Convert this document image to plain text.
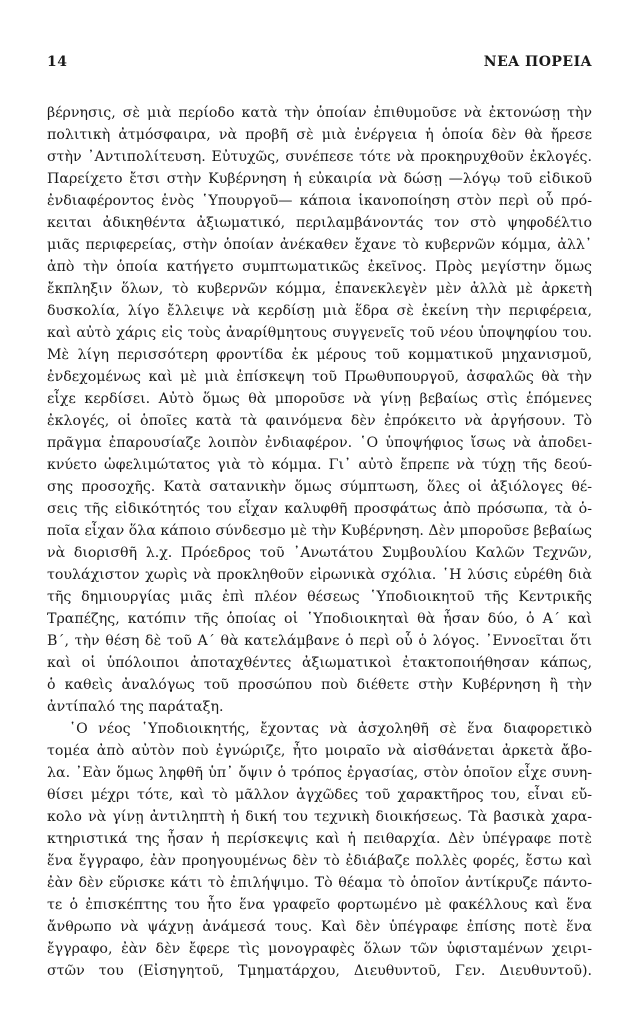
14	ΝΕΑ ΠΟΡΕΙΑ
βέρνησις, σὲ μιὰ περίοδο κατὰ τὴν ὁποίαν ἐπιθυμοῦσε νὰ ἐκτονώσῃ τὴν
πολιτικὴ ἀτμόσφαιρα, νὰ προβῆ σὲ μιὰ ἐνέργεια ἡ ὁποία δὲν θὰ ἤρεσε
στὴν ᾽Αντιπολίτευση. Εὐτυχῶς, συνέπεσε τότε νὰ προκηρυχθοῦν ἐκλογές.
Παρείχετο ἔτσι στὴν Κυβέρνηση ἡ εὐκαιρία νὰ δώσῃ —λόγῳ τοῦ εἰδικοῦ
ἐνδιαφέροντος ἑνὸς ῾Υπουργοῦ— κάποια ἱκανοποίηση στὸν περὶ οὗ πρό-
κειται ἀδικηθέντα ἀξιωματικό, περιλαμβάνοντάς τον στὸ ψηφοδέλτιο
μιᾶς περιφερείας, στὴν ὁποίαν ἀνέκαθεν ἔχανε τὸ κυβερνῶν κόμμα, ἀλλ᾽
ἀπὸ τὴν ὁποία κατήγετο συμπτωματικῶς ἐκεῖνος. Πρὸς μεγίστην ὅμως
ἔκπληξιν ὅλων, τὸ κυβερνῶν κόμμα, ἐπανεκλεγὲν μὲν ἀλλὰ μὲ ἀρκετὴ
δυσκολία, λίγο ἔλλειψε νὰ κερδίσῃ μιὰ ἕδρα σὲ ἐκείνη τὴν περιφέρεια,
καὶ αὐτὸ χάρις εἰς τοὺς ἀναρίθμητους συγγενεῖς τοῦ νέου ὑποψηφίου του.
Μὲ λίγη περισσότερη φροντίδα ἐκ μέρους τοῦ κομματικοῦ μηχανισμοῦ,
ἐνδεχομένως καὶ μὲ μιὰ ἐπίσκεψη τοῦ Πρωθυπουργοῦ, ἀσφαλῶς θὰ τὴν
εἶχε κερδίσει. Αὐτὸ ὅμως θὰ μποροῦσε νὰ γίνῃ βεβαίως στὶς ἑπόμενες
ἐκλογές, οἱ ὁποῖες κατὰ τὰ φαινόμενα δὲν ἐπρόκειτο νὰ ἀργήσουν. Τὸ
πρᾶγμα ἐπαρουσίαζε λοιπὸν ἐνδιαφέρον. ῾Ο ὑποψήφιος ἴσως νὰ ἀποδει-
κνύετο ὠφελιμώτατος γιὰ τὸ κόμμα. Γι᾽ αὐτὸ ἔπρεπε νὰ τύχῃ τῆς δεού-
σης προσοχῆς. Κατὰ σατανικὴν ὅμως σύμπτωση, ὅλες οἱ ἀξιόλογες θέ-
σεις τῆς εἰδικότητός του εἶχαν καλυφθῆ προσφάτως ἀπὸ πρόσωπα, τὰ ὁ-
ποῖα εἶχαν ὅλα κάποιο σύνδεσμο μὲ τὴν Κυβέρνηση. Δὲν μποροῦσε βεβαίως
νὰ διορισθῆ λ.χ. Πρόεδρος τοῦ ᾽Ανωτάτου Συμβουλίου Καλῶν Τεχνῶν,
τουλάχιστον χωρὶς νὰ προκληθοῦν εἰρωνικὰ σχόλια. ῾Η λύσις εὑρέθη διὰ
τῆς δημιουργίας μιᾶς ἐπὶ πλέον θέσεως ῾Υποδιοικητοῦ τῆς Κεντρικῆς
Τραπέζης, κατόπιν τῆς ὁποίας οἱ ῾Υποδιοικηταὶ θὰ ἦσαν δύο, ὁ Α΄ καὶ
Β΄, τὴν θέση δὲ τοῦ Α΄ θὰ κατελάμβανε ὁ περὶ οὗ ὁ λόγος. ᾽Εννοεῖται ὅτι
καὶ οἱ ὑπόλοιποι ἀποταχθέντες ἀξιωματικοὶ ἐτακτοποιήθησαν κάπως,
ὁ καθεὶς ἀναλόγως τοῦ προσώπου ποὺ διέθετε στὴν Κυβέρνηση ἢ τὴν
ἀντίπαλό της παράταξη.
῾Ο νέος ῾Υποδιοικητής, ἔχοντας νὰ ἀσχοληθῆ σὲ ἕνα διαφορετικὸ
τομέα ἀπὸ αὐτὸν ποὺ ἐγνώριζε, ἦτο μοιραῖο νὰ αἰσθάνεται ἀρκετὰ ἄβο-
λα. ᾽Εὰν ὅμως ληφθῆ ὑπ᾽ ὄψιν ὁ τρόπος ἐργασίας, στὸν ὁποῖον εἶχε συνη-
θίσει μέχρι τότε, καὶ τὸ μᾶλλον ἀγχῶδες τοῦ χαρακτῆρος του, εἶναι εὔ-
κολο νὰ γίνῃ ἀντιληπτὴ ἡ δική του τεχνικὴ διοικήσεως. Τὰ βασικὰ χαρα-
κτηριστικά της ἦσαν ἡ περίσκεψις καὶ ἡ πειθαρχία. Δὲν ὑπέγραφε ποτὲ
ἕνα ἔγγραφο, ἐὰν προηγουμένως δὲν τὸ ἐδιάβαζε πολλὲς φορές, ἔστω καὶ
ἐὰν δὲν εὕρισκε κάτι τὸ ἐπιλήψιμο. Τὸ θέαμα τὸ ὁποῖον ἀντίκρυζε πάντο-
τε ὁ ἐπισκέπτης του ἦτο ἕνα γραφεῖο φορτωμένο μὲ φακέλλους καὶ ἕνα
ἄνθρωπο νὰ ψάχνῃ ἀνάμεσά τους. Καὶ δὲν ὑπέγραφε ἐπίσης ποτὲ ἕνα
ἔγγραφο, ἐὰν δὲν ἔφερε τὶς μονογραφὲς ὅλων τῶν ὑφισταμένων χειρι-
στῶν του (Εἰσηγητοῦ, Τμηματάρχου, Διευθυντοῦ, Γεν. Διευθυντοῦ).
